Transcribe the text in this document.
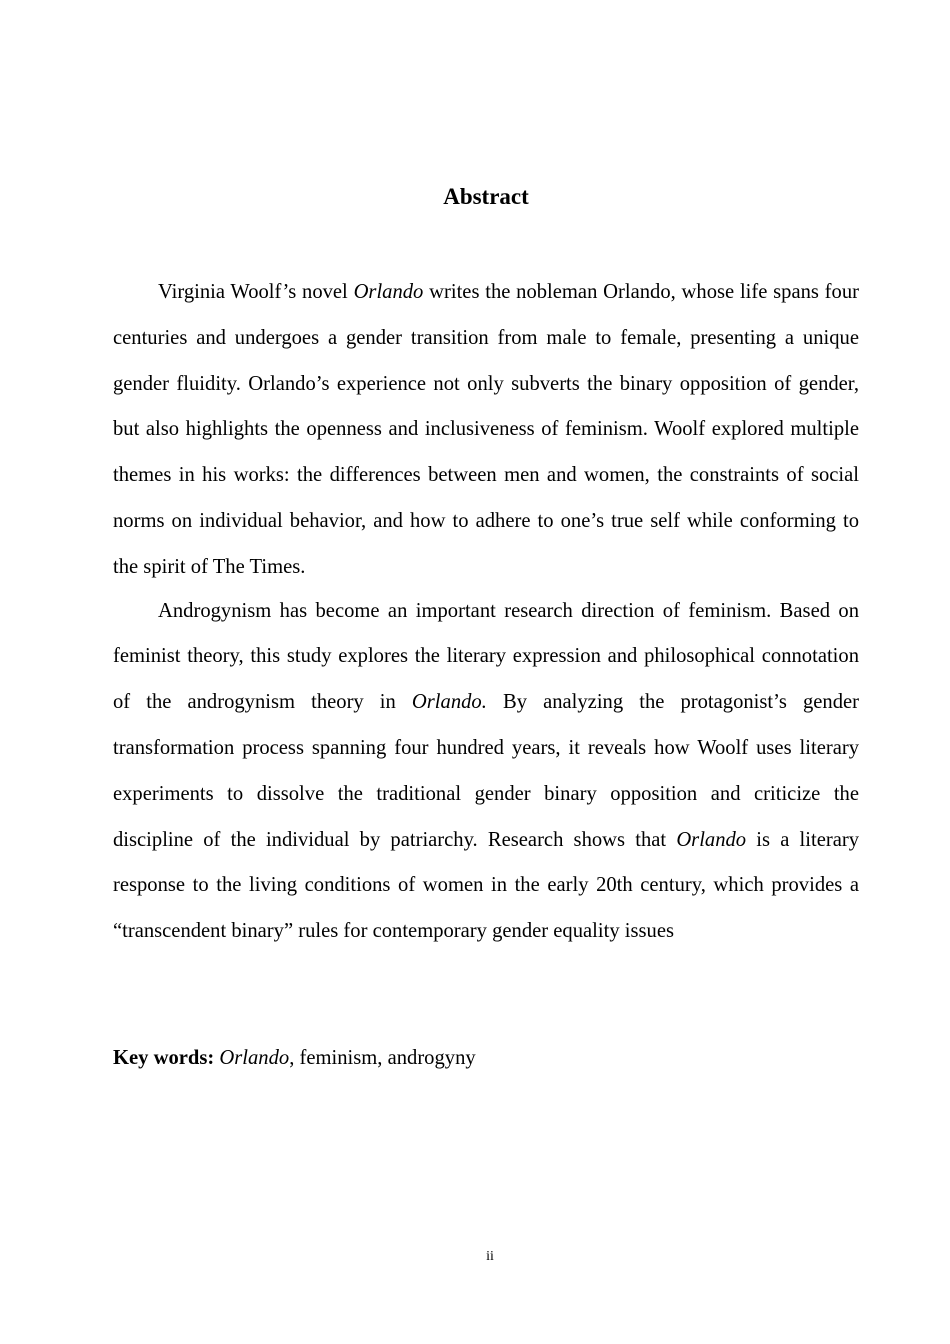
Abstract

Virginia Woolf’s novel Orlando writes the nobleman Orlando, whose life spans four centuries and undergoes a gender transition from male to female, presenting a unique gender fluidity. Orlando’s experience not only subverts the binary opposition of gender, but also highlights the openness and inclusiveness of feminism. Woolf explored multiple themes in his works: the differences between men and women, the constraints of social norms on individual behavior, and how to adhere to one’s true self while conforming to the spirit of The Times.

Androgynism has become an important research direction of feminism. Based on feminist theory, this study explores the literary expression and philosophical connotation of the androgynism theory in Orlando. By analyzing the protagonist’s gender transformation process spanning four hundred years, it reveals how Woolf uses literary experiments to dissolve the traditional gender binary opposition and criticize the discipline of the individual by patriarchy. Research shows that Orlando is a literary response to the living conditions of women in the early 20th century, which provides a “transcendent binary” rules for contemporary gender equality issues

Key words: Orlando, feminism, androgyny

ii
